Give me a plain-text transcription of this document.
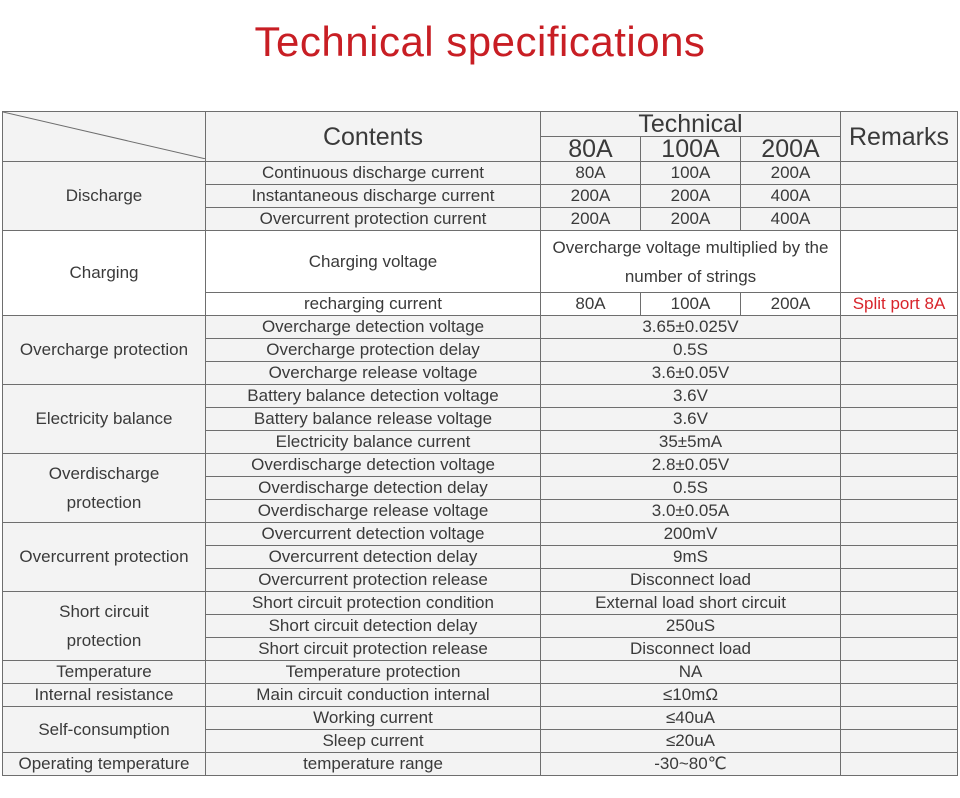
Technical specifications
	Contents	Technical			Remarks
		80A	100A	200A	
Discharge	Continuous discharge current	80A	100A	200A	
	Instantaneous discharge current	200A	200A	400A	
	Overcurrent protection current	200A	200A	400A	
Charging	Charging voltage	Overcharge voltage multiplied by the number of strings			
	recharging current	80A	100A	200A	Split port 8A
Overcharge protection	Overcharge detection voltage	3.65±0.025V			
	Overcharge protection delay	0.5S			
	Overcharge release voltage	3.6±0.05V			
Electricity balance	Battery balance detection voltage	3.6V			
	Battery balance release voltage	3.6V			
	Electricity balance current	35±5mA			
Overdischarge protection	Overdischarge detection voltage	2.8±0.05V			
	Overdischarge detection delay	0.5S			
	Overdischarge release voltage	3.0±0.05A			
Overcurrent protection	Overcurrent detection voltage	200mV			
	Overcurrent detection delay	9mS			
	Overcurrent protection release	Disconnect load			
Short circuit protection	Short circuit protection condition	External load short circuit			
	Short circuit detection delay	250uS			
	Short circuit protection release	Disconnect load			
Temperature	Temperature protection	NA			
Internal resistance	Main circuit conduction internal	≤10mΩ			
Self-consumption	Working current	≤40uA			
	Sleep current	≤20uA			
Operating temperature	temperature range	-30~80℃			
